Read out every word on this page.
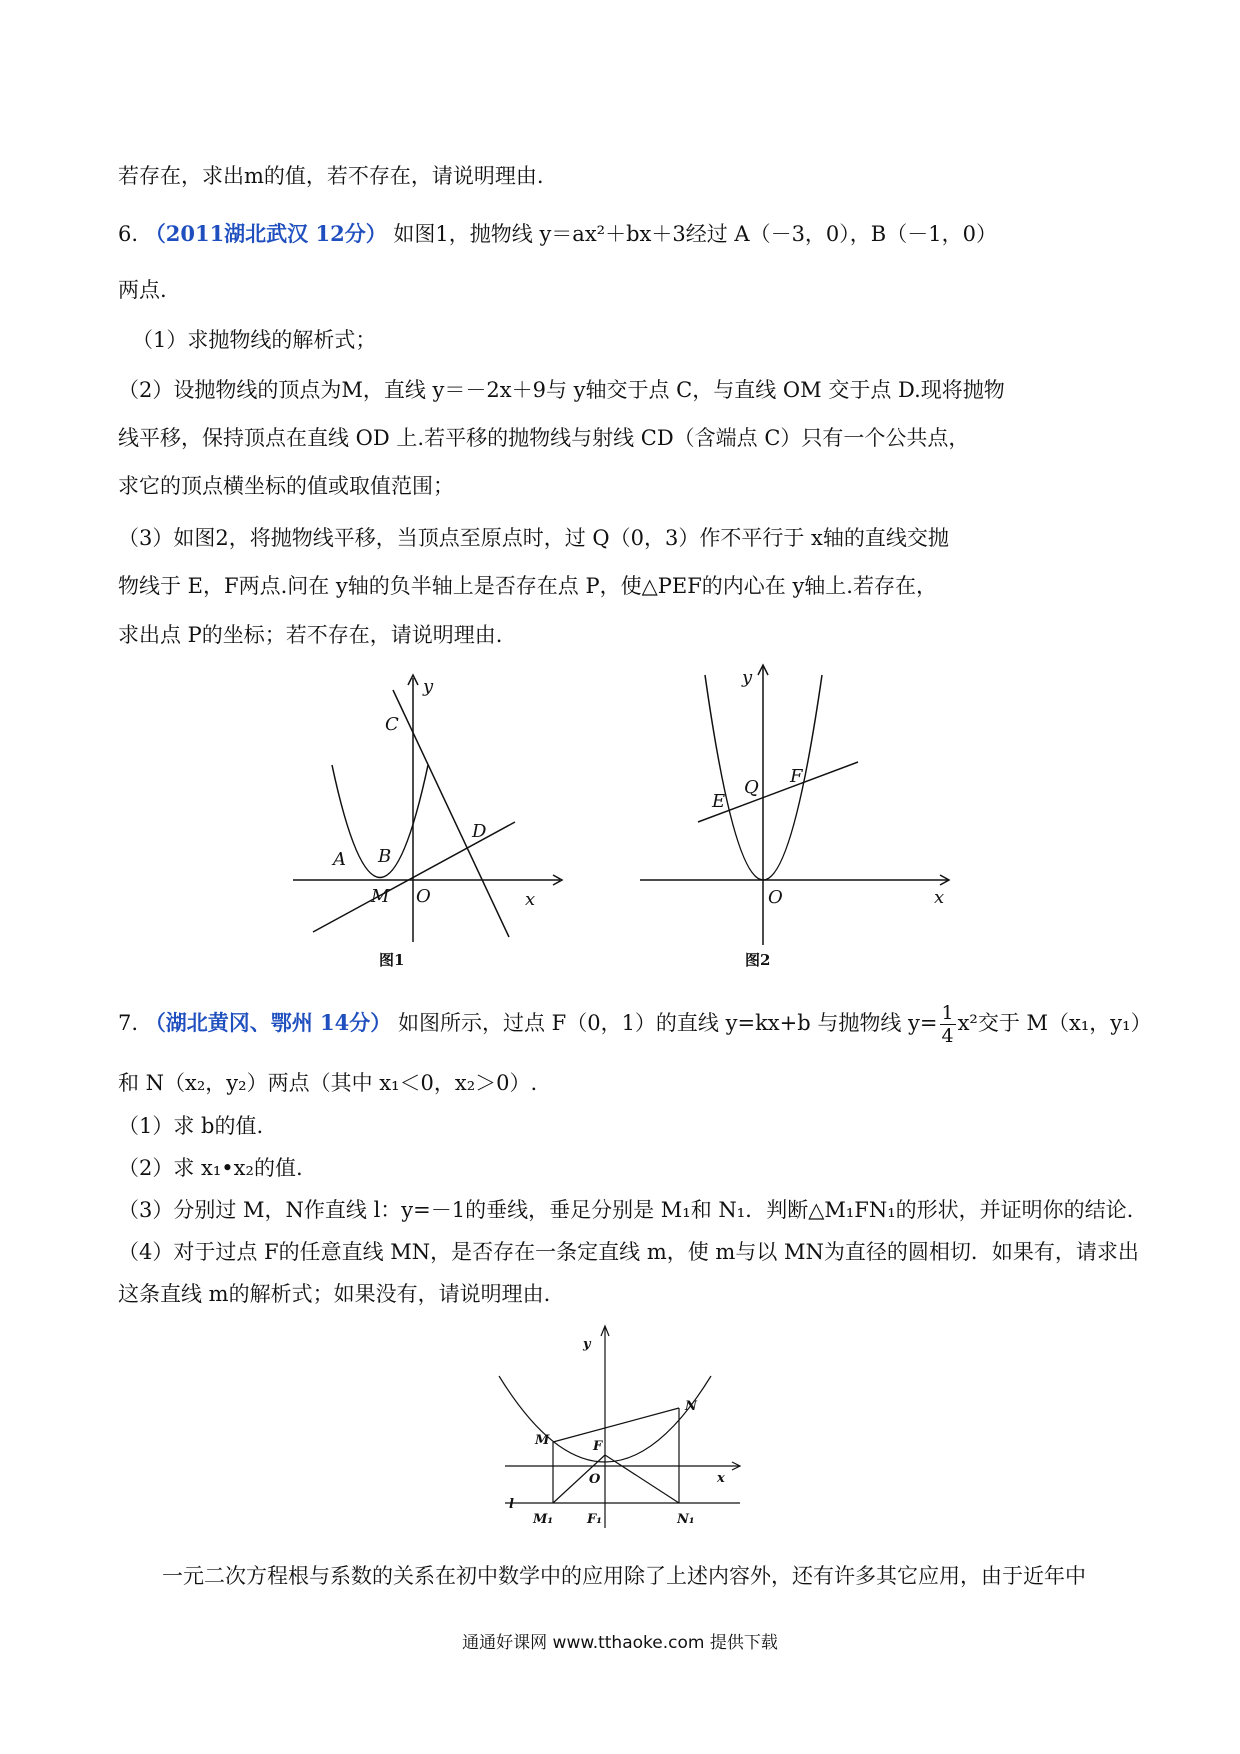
若存在，求出m的值，若不存在，请说明理由.
6. （2011湖北武汉 12分） 如图1，抛物线 y＝ax²＋bx＋3经过 A（－3，0），B（－1，0）
两点.
（1）求抛物线的解析式；
（2）设抛物线的顶点为M，直线 y＝－2x＋9与 y轴交于点 C，与直线 OM 交于点 D.现将抛物
线平移，保持顶点在直线 OD 上.若平移的抛物线与射线 CD（含端点 C）只有一个公共点，
求它的顶点横坐标的值或取值范围；
（3）如图2，将抛物线平移，当顶点至原点时，过 Q（0，3）作不平行于 x轴的直线交抛
物线于 E，F两点.问在 y轴的负半轴上是否存在点 P，使△PEF的内心在 y轴上.若存在，
求出点 P的坐标；若不存在，请说明理由.
C
y
D
A B
M O	x
图1
y
E
Q
F
O	x
图2
7. （湖北黄冈、鄂州 14分） 如图所示，过点 F（0，1）的直线 y=kx+b 与抛物线 $y= \frac{1}{4} x^2$交于 M（x₁，y₁）
和 N（x₂，y₂）两点（其中 x₁＜0，x₂＞0）.
（1）求 b的值.
（2）求 x₁•x₂的值.
（3）分别过 M，N作直线 l：y=－1的垂线，垂足分别是 M₁和 N₁．判断△M₁FN₁的形状，并证明你的结论.
（4）对于过点 F的任意直线 MN，是否存在一条定直线 m，使 m与以 MN为直径的圆相切．如果有，请求出
这条直线 m的解析式；如果没有，请说明理由.
y
N
F
M
O	x
l
M₁	F₁	N₁
一元二次方程根与系数的关系在初中数学中的应用除了上述内容外，还有许多其它应用，由于近年中
通通好课网 www.tthaoke.com 提供下载
